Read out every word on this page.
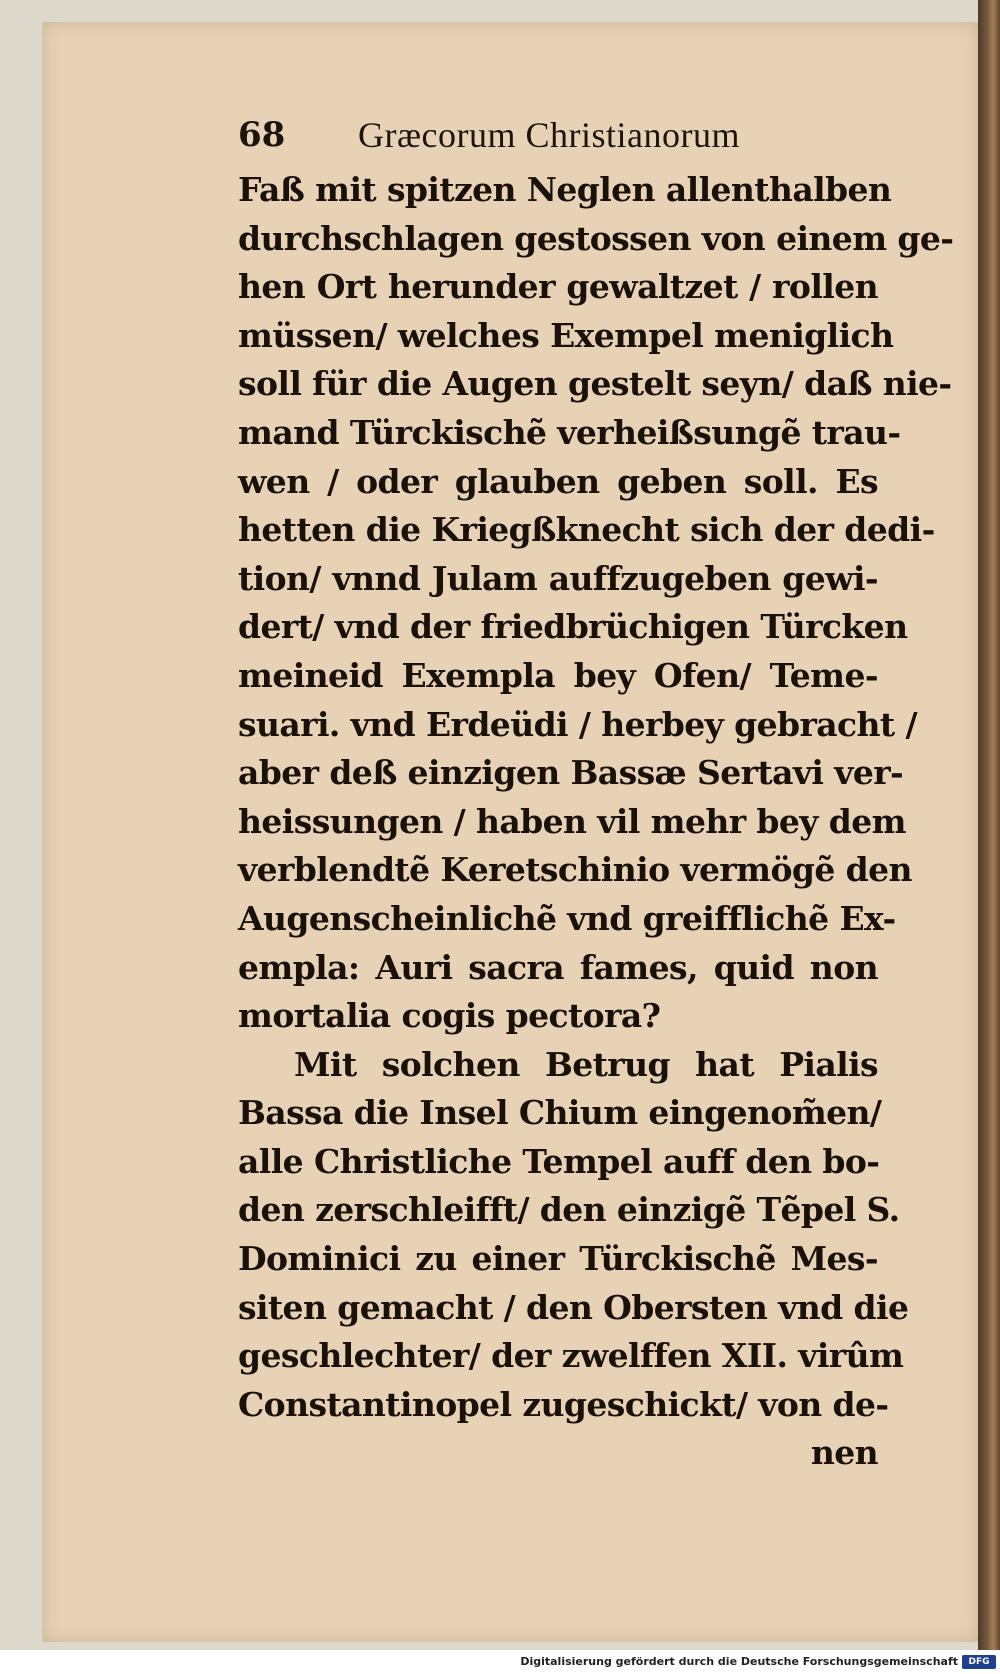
68 Græcorum Christianorum
Faß mit spitzen Neglen allenthalben
durchschlagen gestossen von einem ge-
hen Ort herunder gewaltzet / rollen
müssen/ welches Exempel meniglich
soll für die Augen gestelt seyn/ daß nie-
mand Türckischẽ verheißsungẽ trau-
wen / oder glauben geben soll. Es
hetten die Kriegßknecht sich der dedi-
tion/ vnnd Julam auffzugeben gewi-
dert/ vnd der friedbrüchigen Türcken
meineid Exempla bey Ofen/ Teme-
suari. vnd Erdeüdi / herbey gebracht /
aber deß einzigen Bassæ Sertavi ver-
heissungen / haben vil mehr bey dem
verblendtẽ Keretschinio vermögẽ den
Augenscheinlichẽ vnd greifflichẽ Ex-
empla: Auri sacra fames, quid non
mortalia cogis pectora?
Mit solchen Betrug hat Pialis
Bassa die Insel Chium eingenom̃en/
alle Christliche Tempel auff den bo-
den zerschleifft/ den einzigẽ Tẽpel S.
Dominici zu einer Türckischẽ Mes-
siten gemacht / den Obersten vnd die
geschlechter/ der zwelffen XII. virûm
Constantinopel zugeschickt/ von de-
nen
Digitalisierung gefördert durch die Deutsche Forschungsgemeinschaft	DFG
